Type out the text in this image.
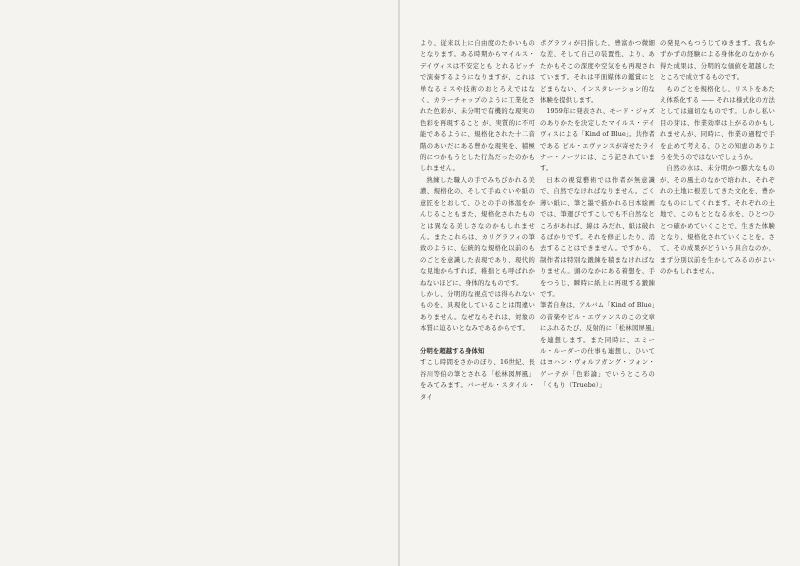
より、従来以上に自由度のたかいものとなります。ある時期からマイルス・デイヴィスは不安定とも とれるピッチで演奏するようになりますが、これは単なるミスや技術のおとろえではなく、カラーチャップのように工業化された色彩が、未分明で有機的な現実の色彩を再現すること が、実質的に不可能であるように、規格化された十二音階のあいだにある豊かな現実を、積極的につかもうとした行為だったのかもしれません。

熟練した職人の手でみちびかれる美 濃、規格化の、そして手ぬぐいや紙の意匠をとおして、ひとの手の体温をかんじることもまた、規格化されたものとは異なる美しさなのかもしれません。またこれらは、カリグラフィの筆致のように、伝統的な規格化以前のものごとを意識した表現であり、現代的な見地からすれば、稚拙とも呼ばれかねないほどに、身体的なものです。

しかし、分明的な視点では得られないものを、具現化していることは間違いありません。なぜならそれは、対象の本質に迫るいとなみであるからです。

分明を超越する身体知

すこし時間をさかのぼり、16世紀、長谷川等伯の筆とされる「松林図屏風」をみてみます。バーゼル・スタイル・タイ

ポグラフィが目指した、豊富かつ微細な差、そして自己の装置性、より、あたかもそこの深度や空気をも再現されています。それは平面媒体の鑑賞にとどまらない、インスタレーション的な体験を提供します。

1959年に発表され、モード・ジャズのありかたを決定したマイルス・デイヴィスによる「Kind of Blue」。共作者である ビル・エヴァンスが寄せたライナー・ノーツには、こう記されています。

日本の視覚藝術では作者が無意識で、自然でなければなりません。ごく薄い紙に、筆と墨で描かれる日本絵画では、筆運びですこしでも不自然なところがあれば、線は みだれ、紙は破れるばかりです。それを修正したり、消去することはできません。ですから、制作者は特別な鍛錬を積まなければなりません。頭のなかにある着想を、手をつうじ、瞬時に紙上に再現する鍛錬です。

筆者自身は、アルバム「Kind of Blue」の音楽やビル・エヴァンスのこの文章にふれるたび、反射的に「松林図屏風」を連想します。また同時に、エミール・ルーダーの仕事も連想し、ひいてはヨハン・ヴォルフガング・フォン・ゲーテが「色彩論」でいうところの「くもり（Truebe）」

の発見へもつうじてゆきます。我もかずかずの経験による身体化のなかから得た成果は、分明的な価値を超越したところで成立するものです。

ものごとを規格化し、リストをあたえ体系化する —— それは様式化の方法としては適切なものです。しかし私い目の芽は、作業効率は上がるのかもしれませんが、同時に、作業の過程で手を止めて考える、ひとの知恵のありようを失うのではないでしょうか。

自然の水は、未分明かつ膨大なものが、その風土のなかで培われ、それぞれの土地に根差してきた文化を、豊かなものにしてくれます。それぞれの土地で、このもととなる水を、ひとつひとつ確かめていくことで、生きた体験となり、規格化されていくことを。さて、その成果がどういう具合なのか、まず分別以前を生かしてみるのがよいのかもしれません。
